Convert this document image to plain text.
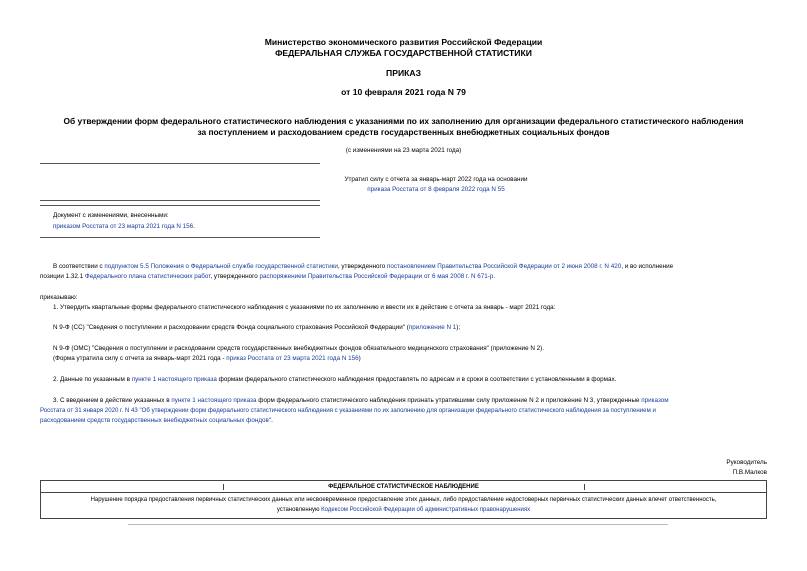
Министерство экономического развития Российской Федерации
ФЕДЕРАЛЬНАЯ СЛУЖБА ГОСУДАРСТВЕННОЙ СТАТИСТИКИ
ПРИКАЗ
от 10 февраля 2021 года N 79
Об утверждении форм федерального статистического наблюдения с указаниями по их заполнению для организации федерального статистического наблюдения
за поступлением и расходованием средств государственных внебюджетных социальных фондов
(с изменениями на 23 марта 2021 года)
Утратил силу с отчета за январь-март 2022 года на основании
приказа Росстата от 8 февраля 2022 года N 55
Документ с изменениями, внесенными:
приказом Росстата от 23 марта 2021 года N 156.
В соответствии с подпунктом 5.5 Положения о Федеральной службе государственной статистики, утвержденного постановлением Правительства Российской Федерации от 2 июня 2008 г. N 420, и во исполнение
позиции 1.32.1 Федерального плана статистических работ, утвержденного распоряжением Правительства Российской Федерации от 6 мая 2008 г. N 671-р.
приказываю:
1. Утвердить квартальные формы федерального статистического наблюдения с указаниями по их заполнению и ввести их в действие с отчета за январь - март 2021 года:
N 9-Ф (СС) "Сведения о поступлении и расходовании средств Фонда социального страхования Российской Федерации" (приложение N 1);
N 9-Ф (ОМС) "Сведения о поступлении и расходовании средств государственных внебюджетных фондов обязательного медицинского страхования" (приложение N 2).
(Форма утратила силу с отчета за январь-март 2021 года - приказ Росстата от 23 марта 2021 года N 156)
2. Данные по указанным в пункте 1 настоящего приказа формам федерального статистического наблюдения предоставлять по адресам и в сроки в соответствии с установленными в формах.
3. С введением в действие указанных в пункте 1 настоящего приказа форм федерального статистического наблюдения признать утратившими силу приложение N 2 и приложение N 3, утвержденные приказом
Росстата от 31 января 2020 г. N 43 "Об утверждении форм федерального статистического наблюдения с указаниями по их заполнению для организации федерального статистического наблюдения за поступлением и
расходованием средств государственных внебюджетных социальных фондов".
Руководитель
П.В.Малков
ФЕДЕРАЛЬНОЕ СТАТИСТИЧЕСКОЕ НАБЛЮДЕНИЕ

Нарушение порядка предоставления первичных статистических данных или несвоевременное предоставление этих данных, либо предоставление недостоверных первичных статистических данных влечет ответственность,
установленную Кодексом Российской Федерации об административных правонарушениях
